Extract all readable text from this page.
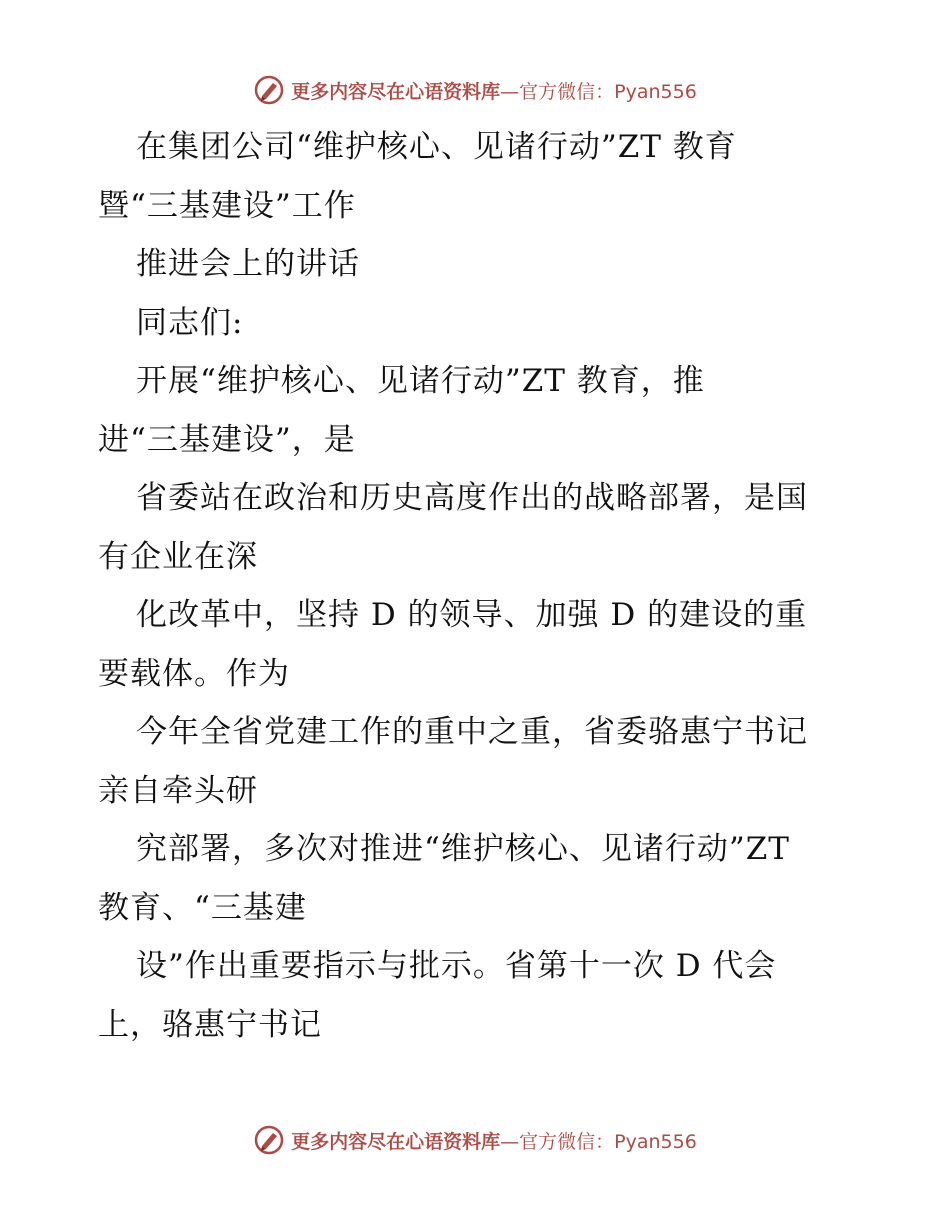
更多内容尽在心语资料库—官方微信：Pyan556
在集团公司“维护核心、见诸行动”ZT 教育
暨“三基建设”工作
推进会上的讲话
同志们:
开展“维护核心、见诸行动”ZT 教育，推
进“三基建设”，是
省委站在政治和历史高度作出的战略部署，是国
有企业在深
化改革中，坚持 D 的领导、加强 D 的建设的重
要载体。作为
今年全省党建工作的重中之重，省委骆惠宁书记
亲自牵头研
究部署，多次对推进“维护核心、见诸行动”ZT
教育、“三基建
设”作出重要指示与批示。省第十一次 D 代会
上，骆惠宁书记
更多内容尽在心语资料库—官方微信：Pyan556
